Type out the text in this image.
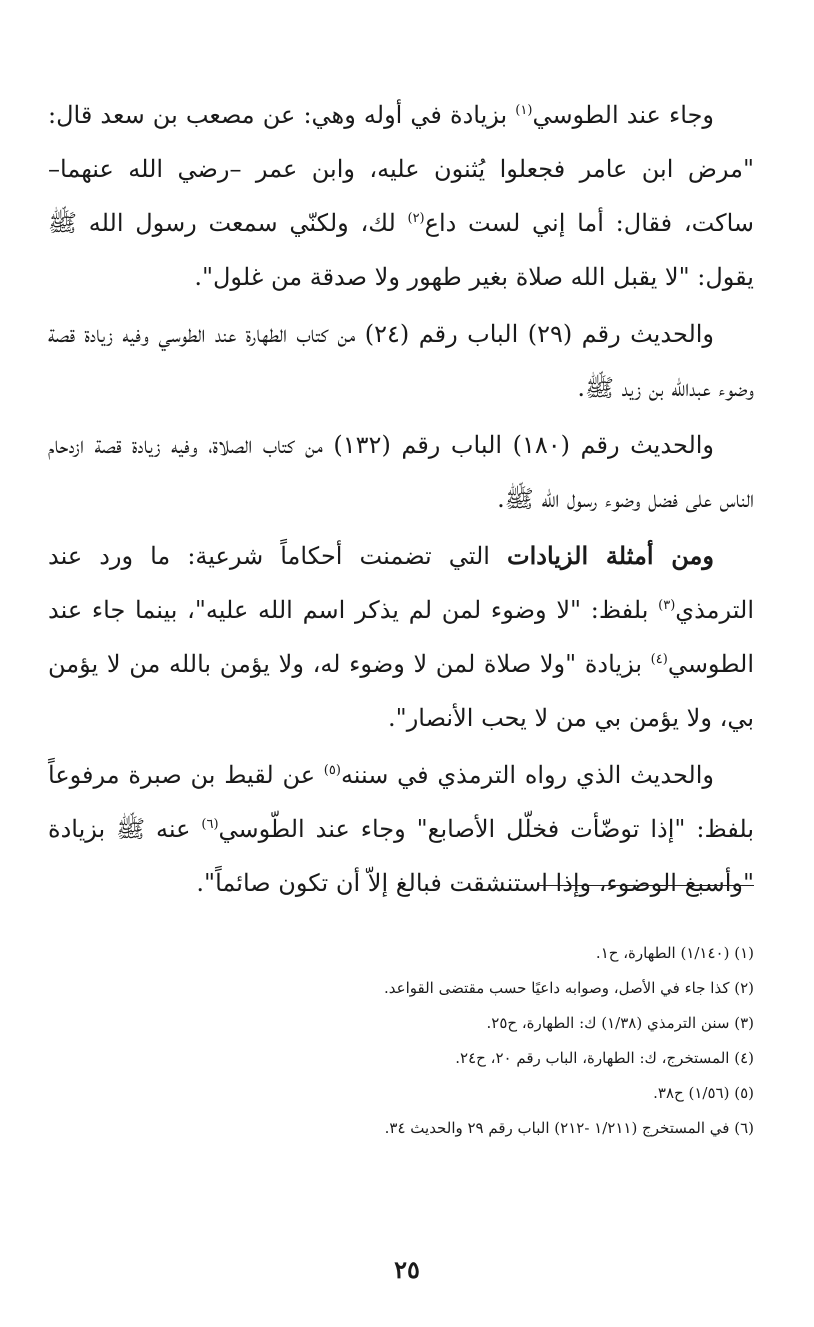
وجاء عند الطوسي$^{(١)}$ بزيادة في أوله وهي: عن مصعب بن سعد قال: "مرض ابن عامر فجعلوا يُثنون عليه، وابن عمر –رضي الله عنهما– ساكت، فقال: أما إني لست داع$^{(٢)}$ لك، ولكنّي سمعت رسول الله ﷺ يقول: "لا يقبل الله صلاة بغير طهور ولا صدقة من غلول".

والحديث رقم (٢٩) الباب رقم (٢٤) من كتاب الطهارة عند الطوسي وفيه زيادة قصة وضوء عبدالله بن زيد ﷺ.

والحديث رقم (١٨٠) الباب رقم (١٣٢) من كتاب الصلاة، وفيه زيادة قصة ازدحام الناس على فضل وضوء رسول الله ﷺ.

ومن أمثلة الزيادات التي تضمنت أحكاماً شرعية: ما ورد عند الترمذي$^{(٣)}$ بلفظ: "لا وضوء لمن لم يذكر اسم الله عليه"، بينما جاء عند الطوسي$^{(٤)}$ بزيادة "ولا صلاة لمن لا وضوء له، ولا يؤمن بالله من لا يؤمن بي، ولا يؤمن بي من لا يحب الأنصار".

والحديث الذي رواه الترمذي في سننه$^{(٥)}$ عن لقيط بن صبرة مرفوعاً بلفظ: "إذا توضّأت فخلّل الأصابع" وجاء عند الطّوسي$^{(٦)}$ عنه ﷺ بزيادة "وأسبغ الوضوء، وإذا استنشقت فبالغ إلاّ أن تكون صائماً".

(١) (١/١٤٠) الطهارة، ح١.
(٢) كذا جاء في الأصل، وصوابه داعيًا حسب مقتضى القواعد.
(٣) سنن الترمذي (١/٣٨) ك: الطهارة، ح٢٥.
(٤) المستخرج، ك: الطهارة، الباب رقم ٢٠، ح٢٤.
(٥) (١/٥٦) ح٣٨.
(٦) في المستخرج (١/٢١١ -٢١٢) الباب رقم ٢٩ والحديث ٣٤.
٢٥
